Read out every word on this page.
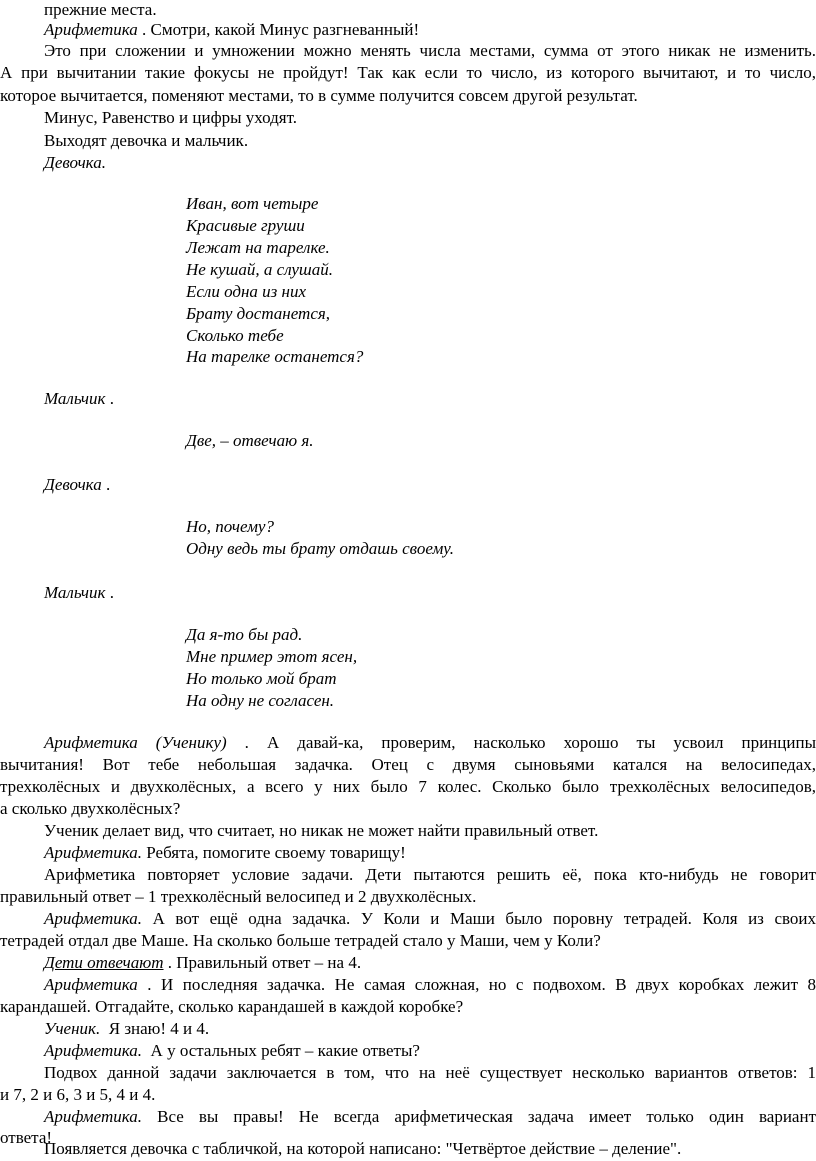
прежние места.
Арифметика . Смотри, какой Минус разгневанный!
Это при сложении и умножении можно менять числа местами, сумма от этого никак не изменить.
А при вычитании такие фокусы не пройдут! Так как если то число, из которого вычитают, и то число,
которое вычитается, поменяют местами, то в сумме получится совсем другой результат.
Минус, Равенство и цифры уходят.
Выходят девочка и мальчик.
Девочка.
Иван, вот четыре
Красивые груши
Лежат на тарелке.
Не кушай, а слушай.
Если одна из них
Брату достанется,
Сколько тебе
На тарелке останется?
Мальчик .
Две, – отвечаю я.
Девочка .
Но, почему?
Одну ведь ты брату отдашь своему.
Мальчик .
Да я-то бы рад.
Мне пример этот ясен,
Но только мой брат
На одну не согласен.
Арифметика (Ученику) . А давай-ка, проверим, насколько хорошо ты усвоил принципы
вычитания! Вот тебе небольшая задачка. Отец с двумя сыновьями катался на велосипедах,
трехколёсных и двухколёсных, а всего у них было 7 колес. Сколько было трехколёсных велосипедов,
а сколько двухколёсных?
Ученик делает вид, что считает, но никак не может найти правильный ответ.
Арифметика. Ребята, помогите своему товарищу!
Арифметика повторяет условие задачи. Дети пытаются решить её, пока кто-нибудь не говорит
правильный ответ – 1 трехколёсный велосипед и 2 двухколёсных.
Арифметика. А вот ещё одна задачка. У Коли и Маши было поровну тетрадей. Коля из своих
тетрадей отдал две Маше. На сколько больше тетрадей стало у Маши, чем у Коли?
Дети отвечают . Правильный ответ – на 4.
Арифметика . И последняя задачка. Не самая сложная, но с подвохом. В двух коробках лежит 8
карандашей. Отгадайте, сколько карандашей в каждой коробке?
Ученик.  Я знаю! 4 и 4.
Арифметика.  А у остальных ребят – какие ответы?
Подвох данной задачи заключается в том, что на неё существует несколько вариантов ответов: 1
и 7, 2 и 6, 3 и 5, 4 и 4.
Арифметика. Все вы правы! Не всегда арифметическая задача имеет только один вариант
ответа!
Появляется девочка с табличкой, на которой написано: "Четвёртое действие – деление".
